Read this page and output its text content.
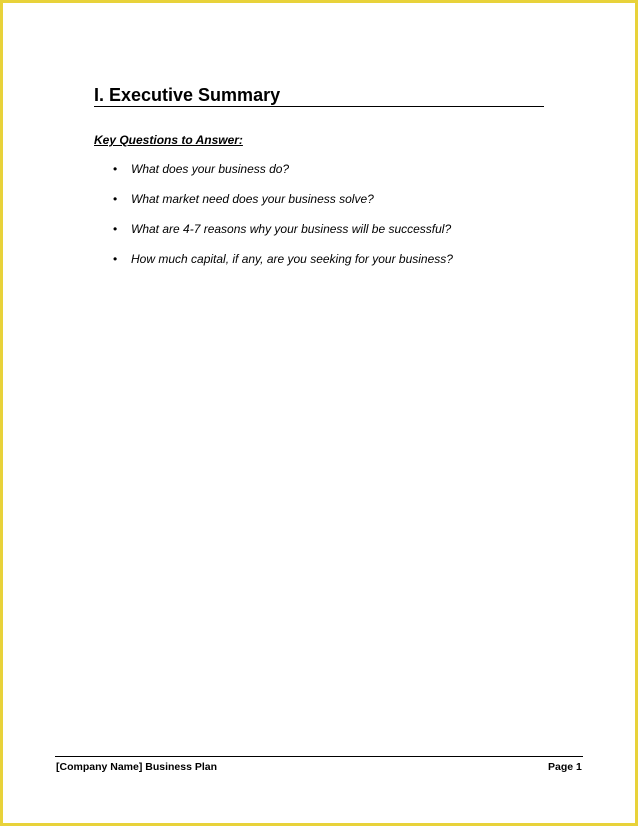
I. Executive Summary
Key Questions to Answer:
•	What does your business do?
•	What market need does your business solve?
•	What are 4-7 reasons why your business will be successful?
•	How much capital, if any, are you seeking for your business?
[Company Name] Business Plan	Page 1
